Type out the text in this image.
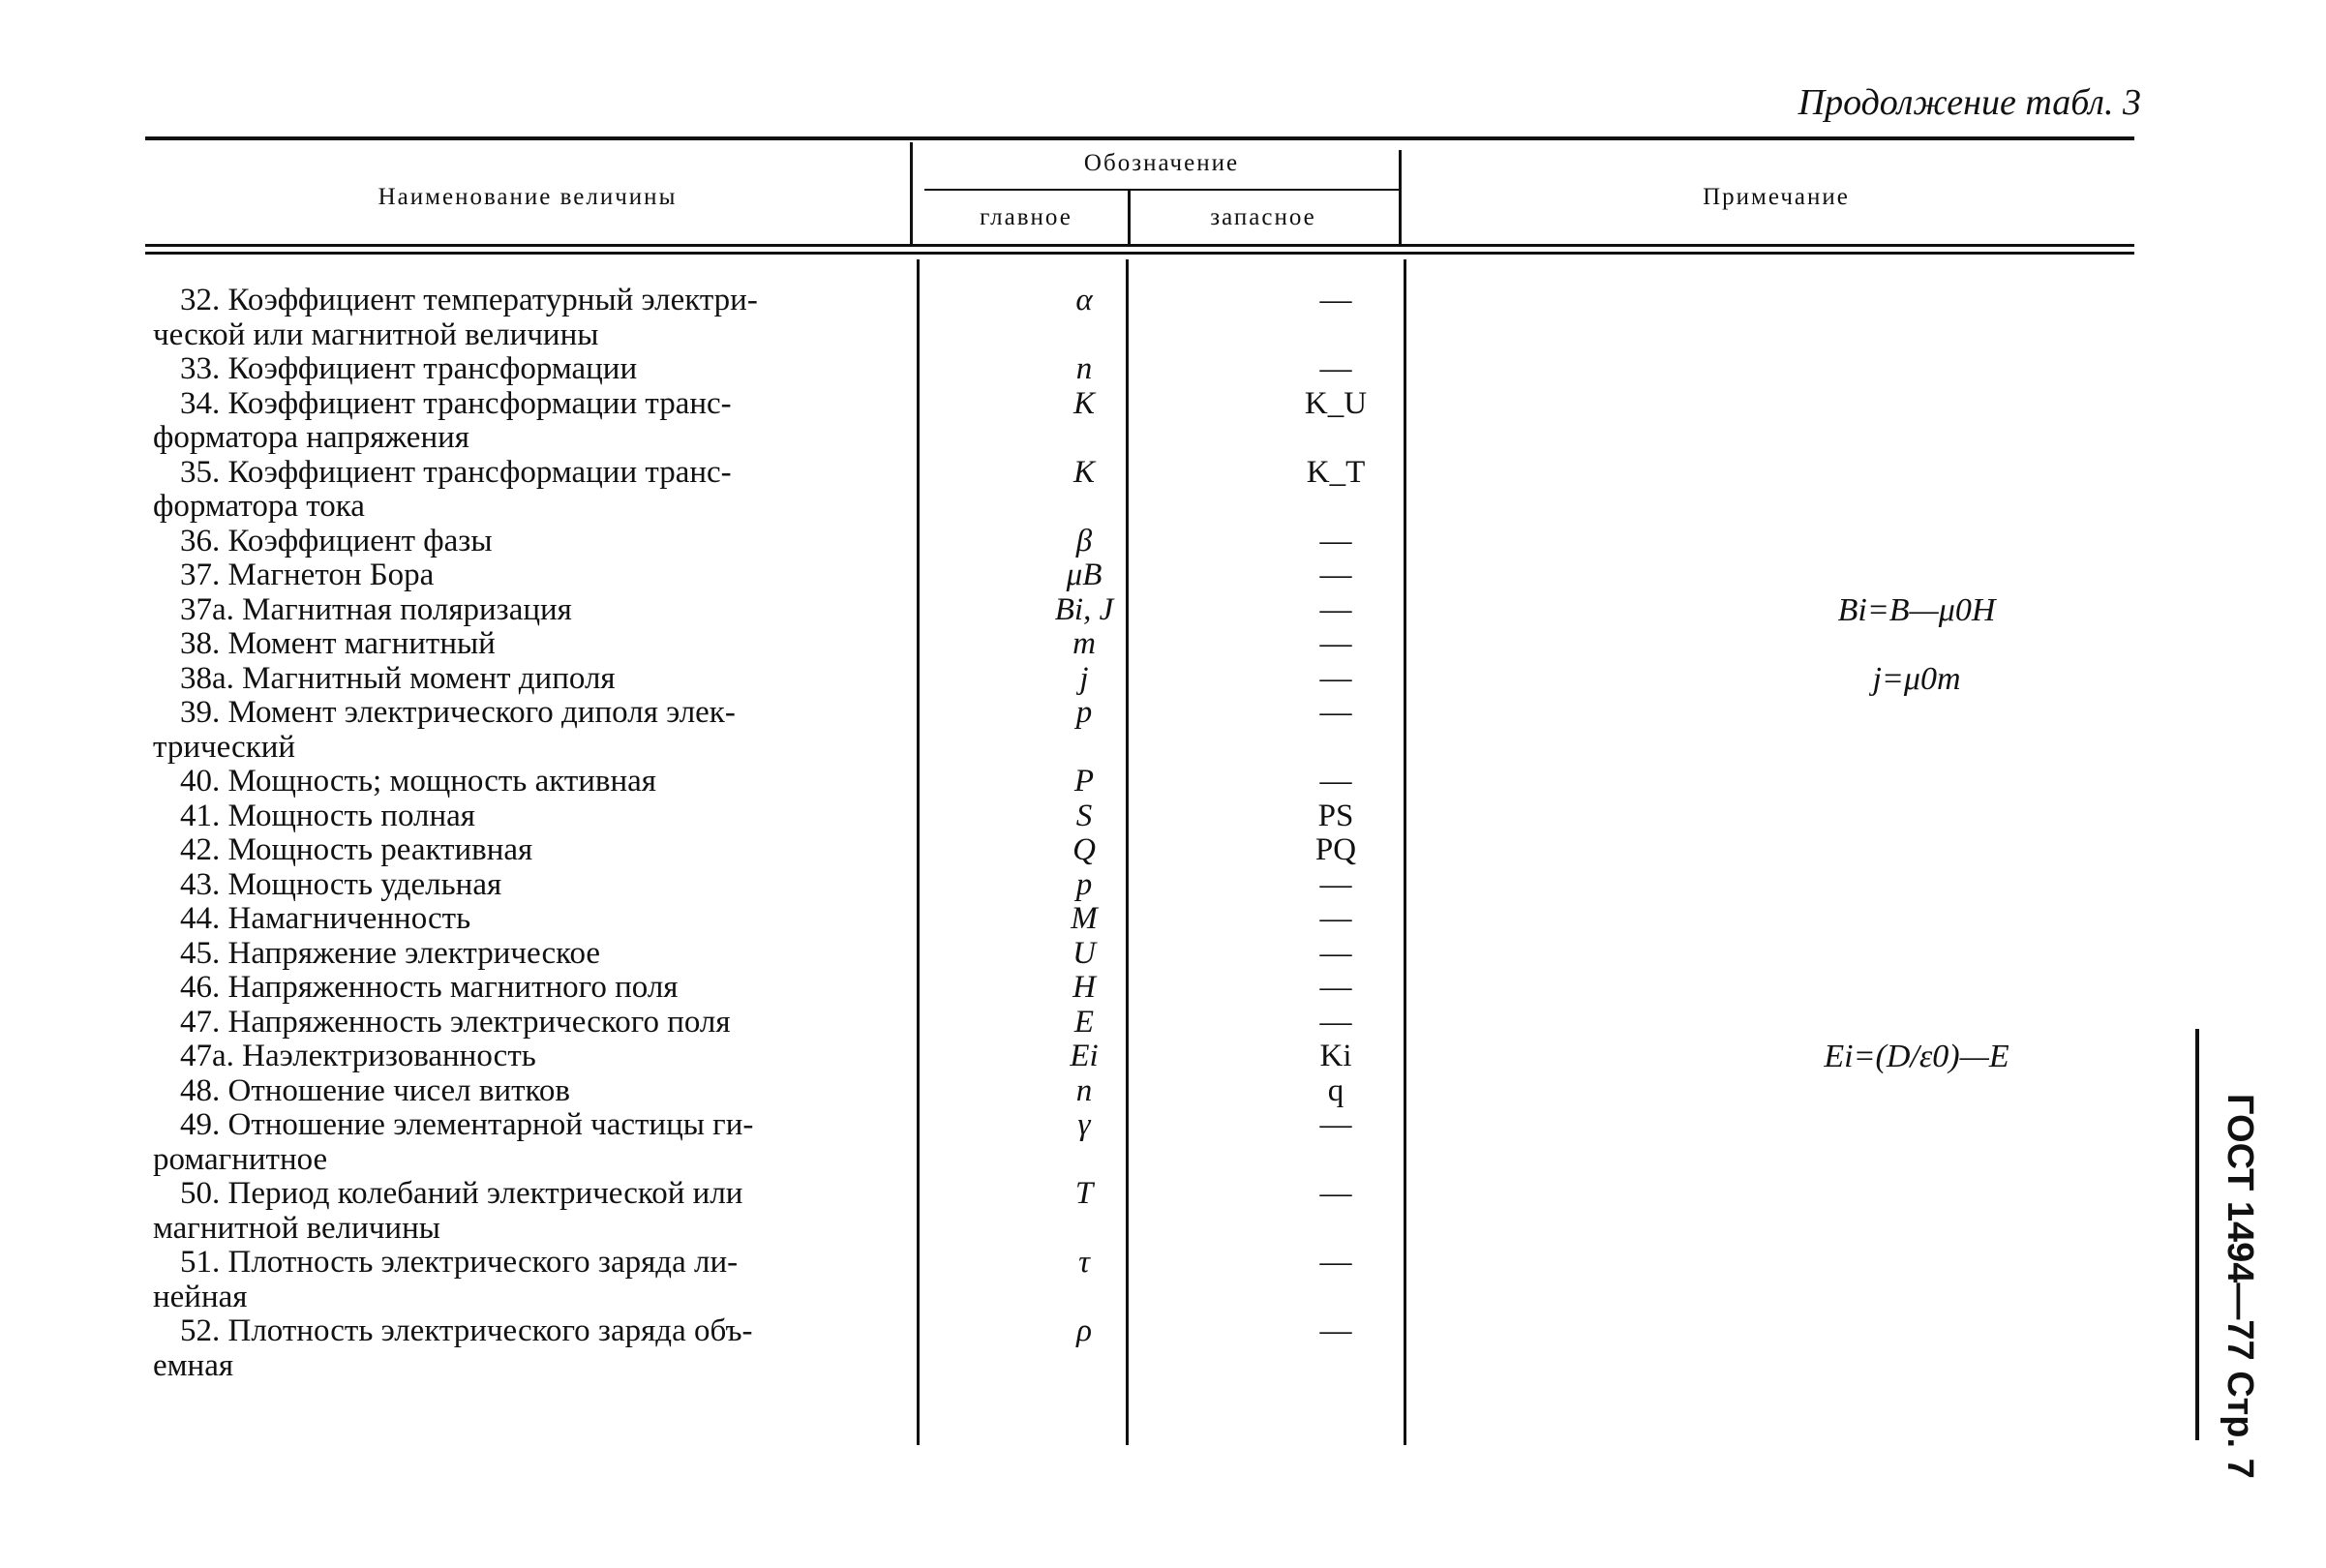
Продолжение табл. 3
Наименование величины
Обозначение
главное	запасное
Примечание
32. Коэффициент температурный электри-
ческой или магнитной величины
α	—
33. Коэффициент трансформации	n	—
34. Коэффициент трансформации транс-
форматора напряжения
K	K_U
35. Коэффициент трансформации транс-
форматора тока
K	K_T
36. Коэффициент фазы	β	—
37. Магнетон Бора	μB	—
37а. Магнитная поляризация	Bi, J	—	Bi=B—μ0H
38. Момент магнитный	m	—
38а. Магнитный момент диполя	j	—	j=μ0m
39. Момент электрического диполя элек-
трический
p	—
40. Мощность; мощность активная	P	—
41. Мощность полная	S	PS
42. Мощность реактивная	Q	PQ
43. Мощность удельная	p	—
44. Намагниченность	M	—
45. Напряжение электрическое	U	—
46. Напряженность магнитного поля	H	—
47. Напряженность электрического поля	E	—
47а. Наэлектризованность	Ei	Ki	Ei=(D/ε0)—E
48. Отношение чисел витков	n	q
49. Отношение элементарной частицы ги-
ромагнитное
γ	—
50. Период колебаний электрической или
магнитной величины
T	—
51. Плотность электрического заряда ли-
нейная
τ	—
52. Плотность электрического заряда объ-
емная
ρ	—	ГОСТ 1494—77 Стр. 7
